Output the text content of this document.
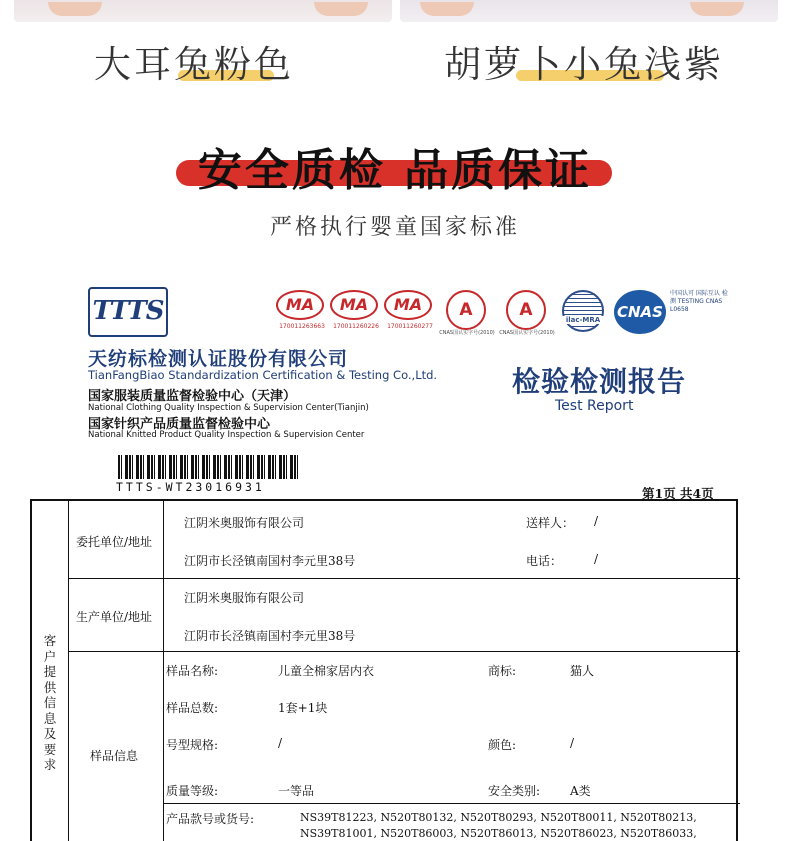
大耳兔粉色	胡萝卜小兔浅紫
安全质检 品质保证
严格执行婴童国家标准
TTTS
天纺标检测认证股份有限公司
TianFangBiao Standardization Certification & Testing Co.,Ltd.
国家服装质量监督检验中心（天津）
National Clothing Quality Inspection & Supervision Center(Tianjin)
国家针织产品质量监督检验中心
National Knitted Product Quality Inspection & Supervision Center
MA
170011263663
MA
170011260226
MA
170011260277
A
CNAS国认实字号(2010)
A
CNAS国认实字号(2010)
ilac-MRA CNAS
中国认可 国际互认 检测 TESTING CNAS L0658
检验检测报告
Test Report
TTTS-WT23016931	第1页 共4页
客户提供信息及要求
委托单位/地址
江阴米奥服饰有限公司
江阴市长泾镇南国村李元里38号
送样人： /
电话：	/
生产单位/地址
江阴米奥服饰有限公司
江阴市长泾镇南国村李元里38号
样品信息
样品名称:	儿童全棉家居内衣	商标:	猫人
样品总数:	1套+1块
号型规格:	/	颜色:	/
质量等级:	一等品	安全类别: A类
产品款号或货号:	NS39T81223, N520T80132, N520T80293, N520T80011, N520T80213,
NS39T81001, N520T86003, N520T86013, N520T86023, N520T86033,
